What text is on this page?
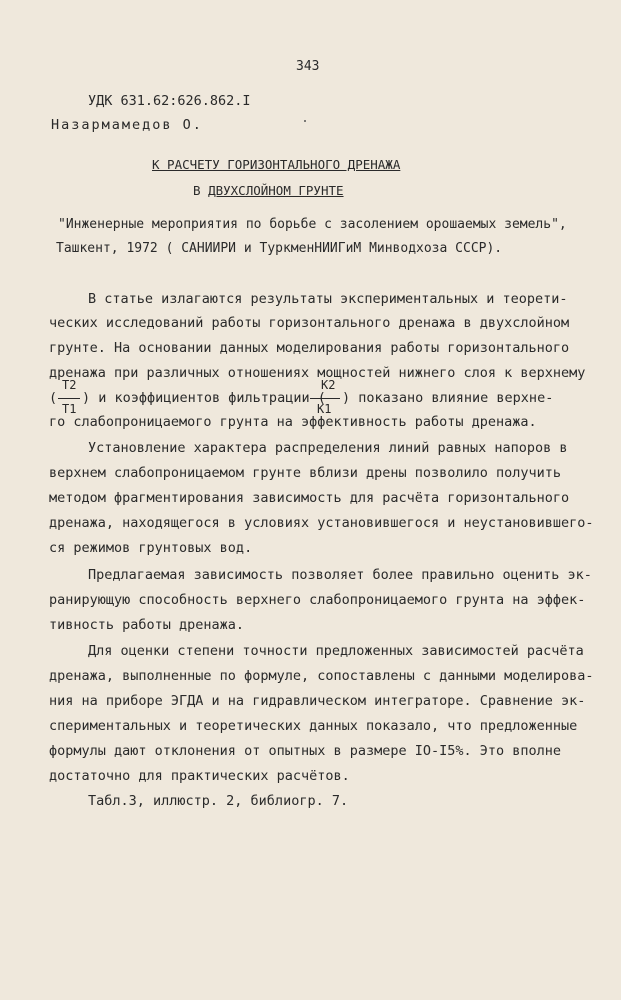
343
УДК 631.62:626.862.I
Назармамедов О.
К РАСЧЕТУ ГОРИЗОНТАЛЬНОГО ДРЕНАЖА
В ДВУХСЛОЙНОМ ГРУНТЕ
"Инженерные мероприятия по борьбе с засолением орошаемых земель",
Ташкент, 1972 ( САНИИРИ и ТуркменНИИГиМ Минводхоза СССР).
В статье излагаются результаты экспериментальных и теорети-
ческих исследований работы горизонтального дренажа в двухслойном
грунте. На основании данных моделирования работы горизонтального
дренажа при различных отношениях мощностей нижнего слоя к верхнему
(
T2
T1
) и коэффициентов фильтрации (
K2
K1
) показано влияние верхне-
го слабопроницаемого грунта на эффективность работы дренажа.
Установление характера распределения линий равных напоров в
верхнем слабопроницаемом грунте вблизи дрены позволило получить
методом фрагментирования зависимость для расчёта горизонтального
дренажа, находящегося в условиях установившегося и неустановившего-
ся режимов грунтовых вод.
Предлагаемая зависимость позволяет более правильно оценить эк-
ранирующую способность верхнего слабопроницаемого грунта на эффек-
тивность работы дренажа.
Для оценки степени точности предложенных зависимостей расчёта
дренажа, выполненные по формуле, сопоставлены с данными моделирова-
ния на приборе ЭГДА и на гидравлическом интеграторе. Сравнение эк-
спериментальных и теоретических данных показало, что предложенные
формулы дают отклонения от опытных в размере IO-I5%. Это вполне
достаточно для практических расчётов.
Табл.3, иллюстр. 2, библиогр. 7.
